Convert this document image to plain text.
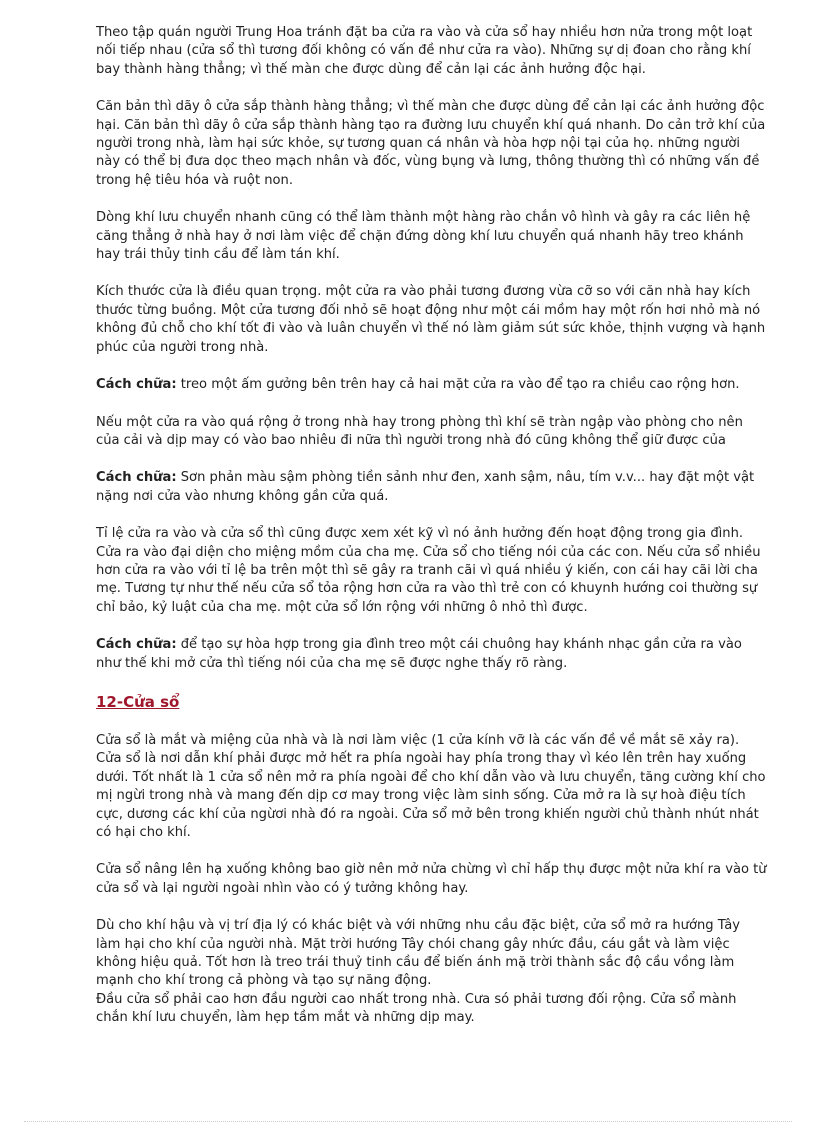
Theo tập quán người Trung Hoa tránh đặt ba cửa ra vào và cửa sổ hay nhiều hơn nửa trong một loạt nối tiếp nhau (cửa sổ thì tương đối không có vấn đề như cửa ra vào). Những sự dị đoan cho rằng khí bay thành hàng thẳng; vì thế màn che được dùng để cản lại các ảnh hưởng độc hại.

Căn bản thì dãy ô cửa sắp thành hàng thẳng; vì thế màn che được dùng để cản lại các ảnh hưởng độc hại. Căn bản thì dãy ô cửa sắp thành hàng tạo ra đường lưu chuyển khí quá nhanh. Do cản trở khí của người trong nhà, làm hại sức khỏe, sự tương quan cá nhân và hòa hợp nội tại của họ. những người này có thể bị đưa dọc theo mạch nhân và đốc, vùng bụng và lưng, thông thường thì có những vấn đề trong hệ tiêu hóa và ruột non.

Dòng khí lưu chuyển nhanh cũng có thể làm thành một hàng rào chắn vô hình và gây ra các liên hệ căng thẳng ở nhà hay ở nơi làm việc để chặn đứng dòng khí lưu chuyển quá nhanh hãy treo khánh hay trái thủy tinh cầu để làm tán khí.

Kích thước cửa là điều quan trọng. một cửa ra vào phải tương đương vừa cỡ so với căn nhà hay kích thước từng buồng. Một cửa tương đối nhỏ sẽ hoạt động như một cái mồm hay một rốn hơi nhỏ mà nó không đủ chỗ cho khí tốt đi vào và luân chuyển vì thế nó làm giảm sút sức khỏe, thịnh vượng và hạnh phúc của người trong nhà.

Cách chữa: treo một ấm gưởng bên trên hay cả hai mặt cửa ra vào để tạo ra chiều cao rộng hơn.

Nếu một cửa ra vào quá rộng ở trong nhà hay trong phòng thì khí sẽ tràn ngập vào phòng cho nên của cải và dịp may có vào bao nhiêu đi nữa thì người trong nhà đó cũng không thể giữ được của

Cách chữa: Sơn phản màu sậm phòng tiền sảnh như đen, xanh sậm, nâu, tím v.v... hay đặt một vật nặng nơi cửa vào nhưng không gần cửa quá.

Tỉ lệ cửa ra vào và cửa sổ thì cũng được xem xét kỹ vì nó ảnh hưởng đến hoạt động trong gia đình. Cửa ra vào đại diện cho miệng mồm của cha mẹ. Cửa sổ cho tiếng nói của các con. Nếu cửa sổ nhiều hơn cửa ra vào với tỉ lệ ba trên một thì sẽ gây ra tranh cãi vì quá nhiều ý kiến, con cái hay cãi lời cha mẹ. Tương tự như thế nếu cửa sổ tỏa rộng hơn cửa ra vào thì trẻ con có khuynh hướng coi thường sự chỉ bảo, kỷ luật của cha mẹ. một cửa sổ lớn rộng với những ô nhỏ thì được.

Cách chữa: để tạo sự hòa hợp trong gia đình treo một cái chuông hay khánh nhạc gần cửa ra vào như thế khi mở cửa thì tiếng nói của cha mẹ sẽ được nghe thấy rõ ràng.

12-Cửa sổ

Cửa sổ là mắt và miệng của nhà và là nơi làm việc (1 cửa kính vỡ là các vấn đề về mắt sẽ xảy ra). Cửa sổ là nơi dẫn khí phải được mở hết ra phía ngoài hay phía trong thay vì kéo lên trên hay xuống dưới. Tốt nhất là 1 cửa sổ nên mở ra phía ngoài để cho khí dẫn vào và lưu chuyển, tăng cường khí cho mị ngừi trong nhà và mang đến dịp cơ may trong việc làm sinh sống. Cửa mở ra là sự hoà điệu tích cực, dương các khí của ngừơi nhà đó ra ngoài. Cửa sổ mở bên trong khiến người chủ thành nhút nhát có hại cho khí.

Cửa sổ nâng lên hạ xuống không bao giờ nên mở nửa chừng vì chỉ hấp thụ được một nửa khí ra vào từ cửa sổ và lại người ngoài nhìn vào có ý tưởng không hay.

Dù cho khí hậu và vị trí địa lý có khác biệt và với những nhu cầu đặc biệt, cửa sổ mở ra hướng Tây làm hại cho khí của người nhà. Mặt trời hướng Tây chói chang gây nhức đầu, cáu gắt và làm việc không hiệu quả. Tốt hơn là treo trái thuỷ tinh cầu để biến ánh mặ trời thành sắc độ cầu vồng làm mạnh cho khí trong cả phòng và tạo sự năng động.

Đầu cửa sổ phải cao hơn đầu người cao nhất trong nhà. Cưa só phải tương đối rộng. Cửa sổ mành chắn khí lưu chuyển, làm hẹp tầm mắt và những dịp may.
